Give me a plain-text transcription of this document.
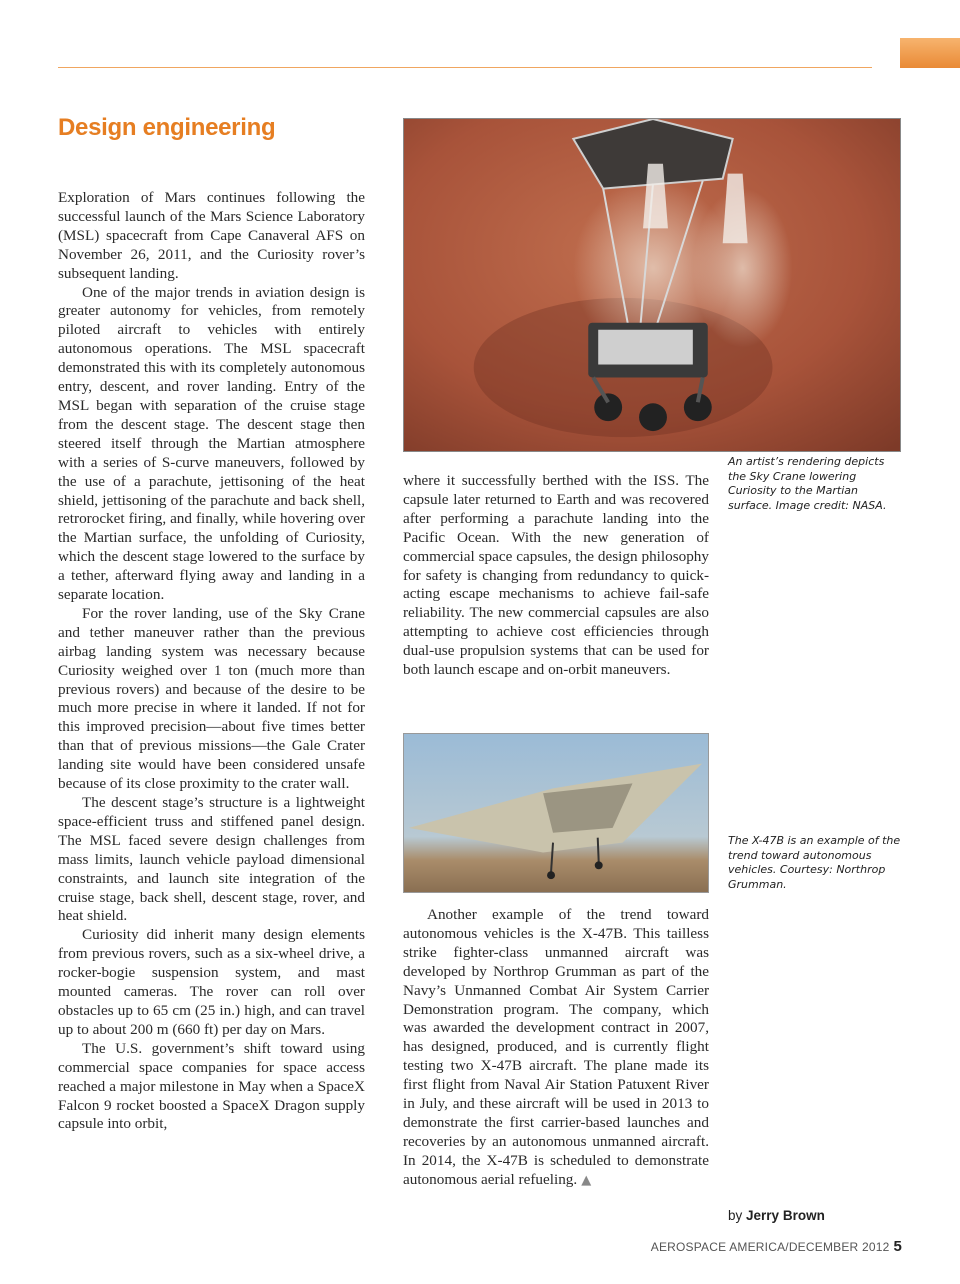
Design engineering

Exploration of Mars continues following the successful launch of the Mars Science Laboratory (MSL) spacecraft from Cape Canaveral AFS on November 26, 2011, and the Curiosity rover’s subsequent landing.

One of the major trends in aviation design is greater autonomy for vehicles, from remotely piloted aircraft to vehicles with entirely autonomous operations. The MSL spacecraft demonstrated this with its completely autonomous entry, descent, and rover landing. Entry of the MSL began with separation of the cruise stage from the descent stage. The descent stage then steered itself through the Martian atmosphere with a series of S-curve maneuvers, followed by the use of a parachute, jettisoning of the heat shield, jettisoning of the parachute and back shell, retrorocket firing, and finally, while hovering over the Martian surface, the unfolding of Curiosity, which the descent stage lowered to the surface by a tether, afterward flying away and landing in a separate location.

For the rover landing, use of the Sky Crane and tether maneuver rather than the previous airbag landing system was necessary because Curiosity weighed over 1 ton (much more than previous rovers) and because of the desire to be much more precise in where it landed. If not for this improved precision—about five times better than that of previous missions—the Gale Crater landing site would have been considered unsafe because of its close proximity to the crater wall.

The descent stage’s structure is a lightweight space-efficient truss and stiffened panel design. The MSL faced severe design challenges from mass limits, launch vehicle payload dimensional constraints, and launch site integration of the cruise stage, back shell, descent stage, rover, and heat shield.

Curiosity did inherit many design elements from previous rovers, such as a six-wheel drive, a rocker-bogie suspension system, and mast mounted cameras. The rover can roll over obstacles up to 65 cm (25 in.) high, and can travel up to about 200 m (660 ft) per day on Mars.

The U.S. government’s shift toward using commercial space companies for space access reached a major milestone in May when a SpaceX Falcon 9 rocket boosted a SpaceX Dragon supply capsule into orbit,

An artist’s rendering depicts the Sky Crane lowering Curiosity to the Martian surface. Image credit: NASA.

where it successfully berthed with the ISS. The capsule later returned to Earth and was recovered after performing a parachute landing into the Pacific Ocean. With the new generation of commercial space capsules, the design philosophy for safety is changing from redundancy to quick-acting escape mechanisms to achieve fail-safe reliability. The new commercial capsules are also attempting to achieve cost efficiencies through dual-use propulsion systems that can be used for both launch escape and on-orbit maneuvers.

The X-47B is an example of the trend toward autonomous vehicles. Courtesy: Northrop Grumman.

Another example of the trend toward autonomous vehicles is the X-47B. This tailless strike fighter-class unmanned aircraft was developed by Northrop Grumman as part of the Navy’s Unmanned Combat Air System Carrier Demonstration program. The company, which was awarded the development contract in 2007, has designed, produced, and is currently flight testing two X-47B aircraft. The plane made its first flight from Naval Air Station Patuxent River in July, and these aircraft will be used in 2013 to demonstrate the first carrier-based launches and recoveries by an autonomous unmanned aircraft. In 2014, the X-47B is scheduled to demonstrate autonomous aerial refueling. ▲

by Jerry Brown
AEROSPACE AMERICA/DECEMBER 2012 5
